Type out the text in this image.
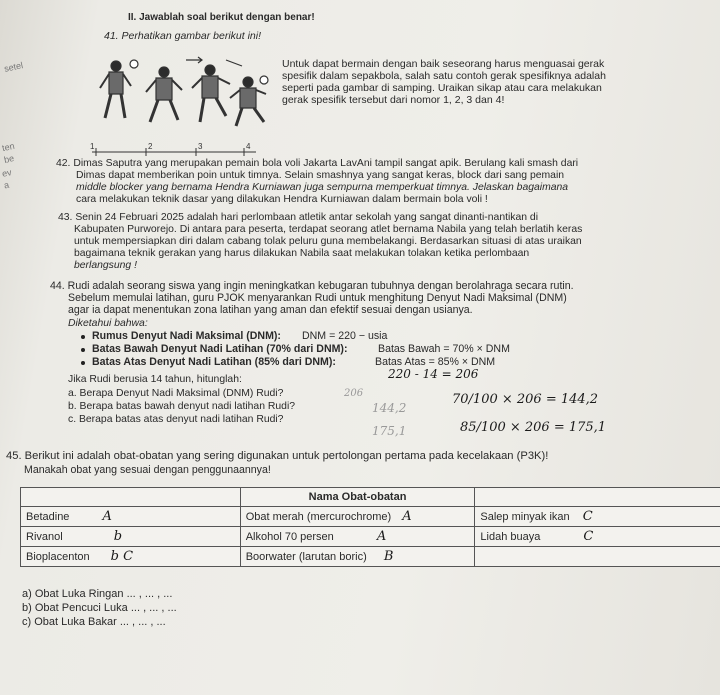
II. Jawablah soal berikut dengan benar!
41. Perhatikan gambar berikut ini!
Untuk dapat bermain dengan baik seseorang harus menguasai gerak
spesifik dalam sepakbola, salah satu contoh gerak spesifiknya adalah
seperti pada gambar di samping. Uraikan sikap atau cara melakukan
gerak spesifik tersebut dari nomor 1, 2, 3 dan 4!
1	2	3	4
42. Dimas Saputra yang merupakan pemain bola voli Jakarta LavAni tampil sangat apik. Berulang kali smash dari
Dimas dapat memberikan poin untuk timnya. Selain smashnya yang sangat keras, block dari sang pemain
middle blocker yang bernama Hendra Kurniawan juga sempurna memperkuat timnya. Jelaskan bagaimana
cara melakukan teknik dasar yang dilakukan Hendra Kurniawan dalam bermain bola voli !
43. Senin 24 Februari 2025 adalah hari perlombaan atletik antar sekolah yang sangat dinanti-nantikan di
Kabupaten Purworejo. Di antara para peserta, terdapat seorang atlet bernama Nabila yang telah berlatih keras
untuk mempersiapkan diri dalam cabang tolak peluru guna membelakangi. Berdasarkan situasi di atas uraikan
bagaimana teknik gerakan yang harus dilakukan Nabila saat melakukan tolakan ketika perlombaan
berlangsung !
44. Rudi adalah seorang siswa yang ingin meningkatkan kebugaran tubuhnya dengan berolahraga secara rutin.
Sebelum memulai latihan, guru PJOK menyarankan Rudi untuk menghitung Denyut Nadi Maksimal (DNM)
agar ia dapat menentukan zona latihan yang aman dan efektif sesuai dengan usianya.
Diketahui bahwa:
Rumus Denyut Nadi Maksimal (DNM): DNM = 220 − usia
Batas Bawah Denyut Nadi Latihan (70% dari DNM):	Batas Bawah = 70% × DNM
Batas Atas Denyut Nadi Latihan (85% dari DNM):	Batas Atas = 85% × DNM
Jika Rudi berusia 14 tahun, hitunglah:
a. Berapa Denyut Nadi Maksimal (DNM) Rudi?
b. Berapa batas bawah denyut nadi latihan Rudi?
c. Berapa batas atas denyut nadi latihan Rudi?
220 - 14 = 206
206
144,2
175,1
70/100 × 206 = 144,2
85/100 × 206 = 175,1
45. Berikut ini adalah obat-obatan yang sering digunakan untuk pertolongan pertama pada kecelakaan (P3K)!
Manakah obat yang sesuai dengan penggunaannya!
	Nama Obat-obatan	
Betadine A	Obat merah (mercurochrome) A	Salep minyak ikan C
Rivanol b	Alkohol 70 persen A	Lidah buaya C
Bioplacenton b C	Boorwater (larutan boric) B	
a) Obat Luka Ringan ... , ... , ...
b) Obat Pencuci Luka ... , ... , ...
c) Obat Luka Bakar ... , ... , ...
setel
ten
be
ev
a
